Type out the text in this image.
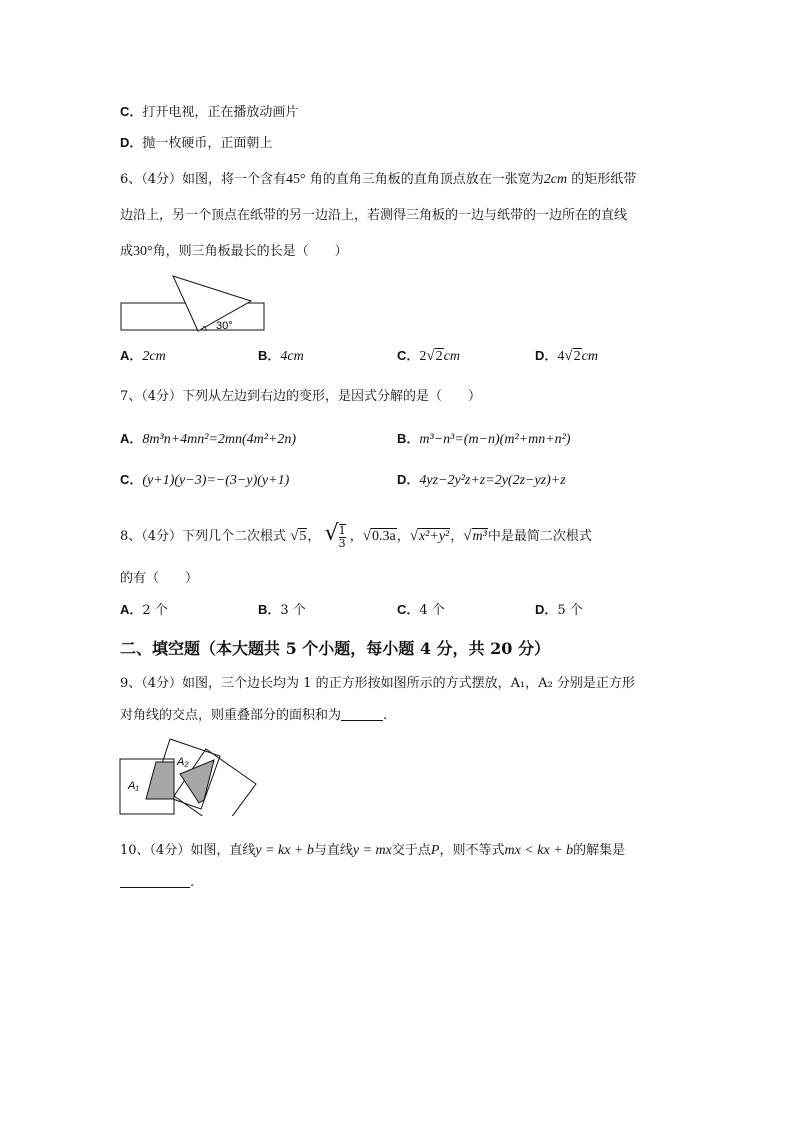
C．打开电视，正在播放动画片
D．抛一枚硬币，正面朝上
6、（4分）如图，将一个含有45° 角的直角三角板的直角顶点放在一张宽为2cm 的矩形纸带
边沿上，另一个顶点在纸带的另一边沿上，若测得三角板的一边与纸带的一边所在的直线
成30°角，则三角板最长的长是（　　）
30°
A．2cm	B．4cm	C．2√2cm	D．4√2cm
7、（4分）下列从左边到右边的变形，是因式分解的是（　　）
A．8m³n+4mn²=2mn(4m²+2n)	B．m³−n³=(m−n)(m²+mn+n²)
C．(y+1)(y−3)=−(3−y)(y+1)	D．4yz−2y²z+z=2y(2z−yz)+z
8、（4分）下列几个二次根式 √5， √ $\frac{1}{3}$ ，√0.3a，√x²+y²，√m³中是最简二次根式
的有（　　）
A．2 个	B．3 个	C．4 个	D．5 个
二、填空题（本大题共 5 个小题，每小题 4 分，共 20 分）
9、（4分）如图，三个边长均为 1 的正方形按如图所示的方式摆放，A₁，A₂ 分别是正方形
对角线的交点，则重叠部分的面积和为	.
A₁
A₂
10、（4分）如图，直线y = kx + b与直线y = mx交于点P，则不等式mx < kx + b的解集是
.
